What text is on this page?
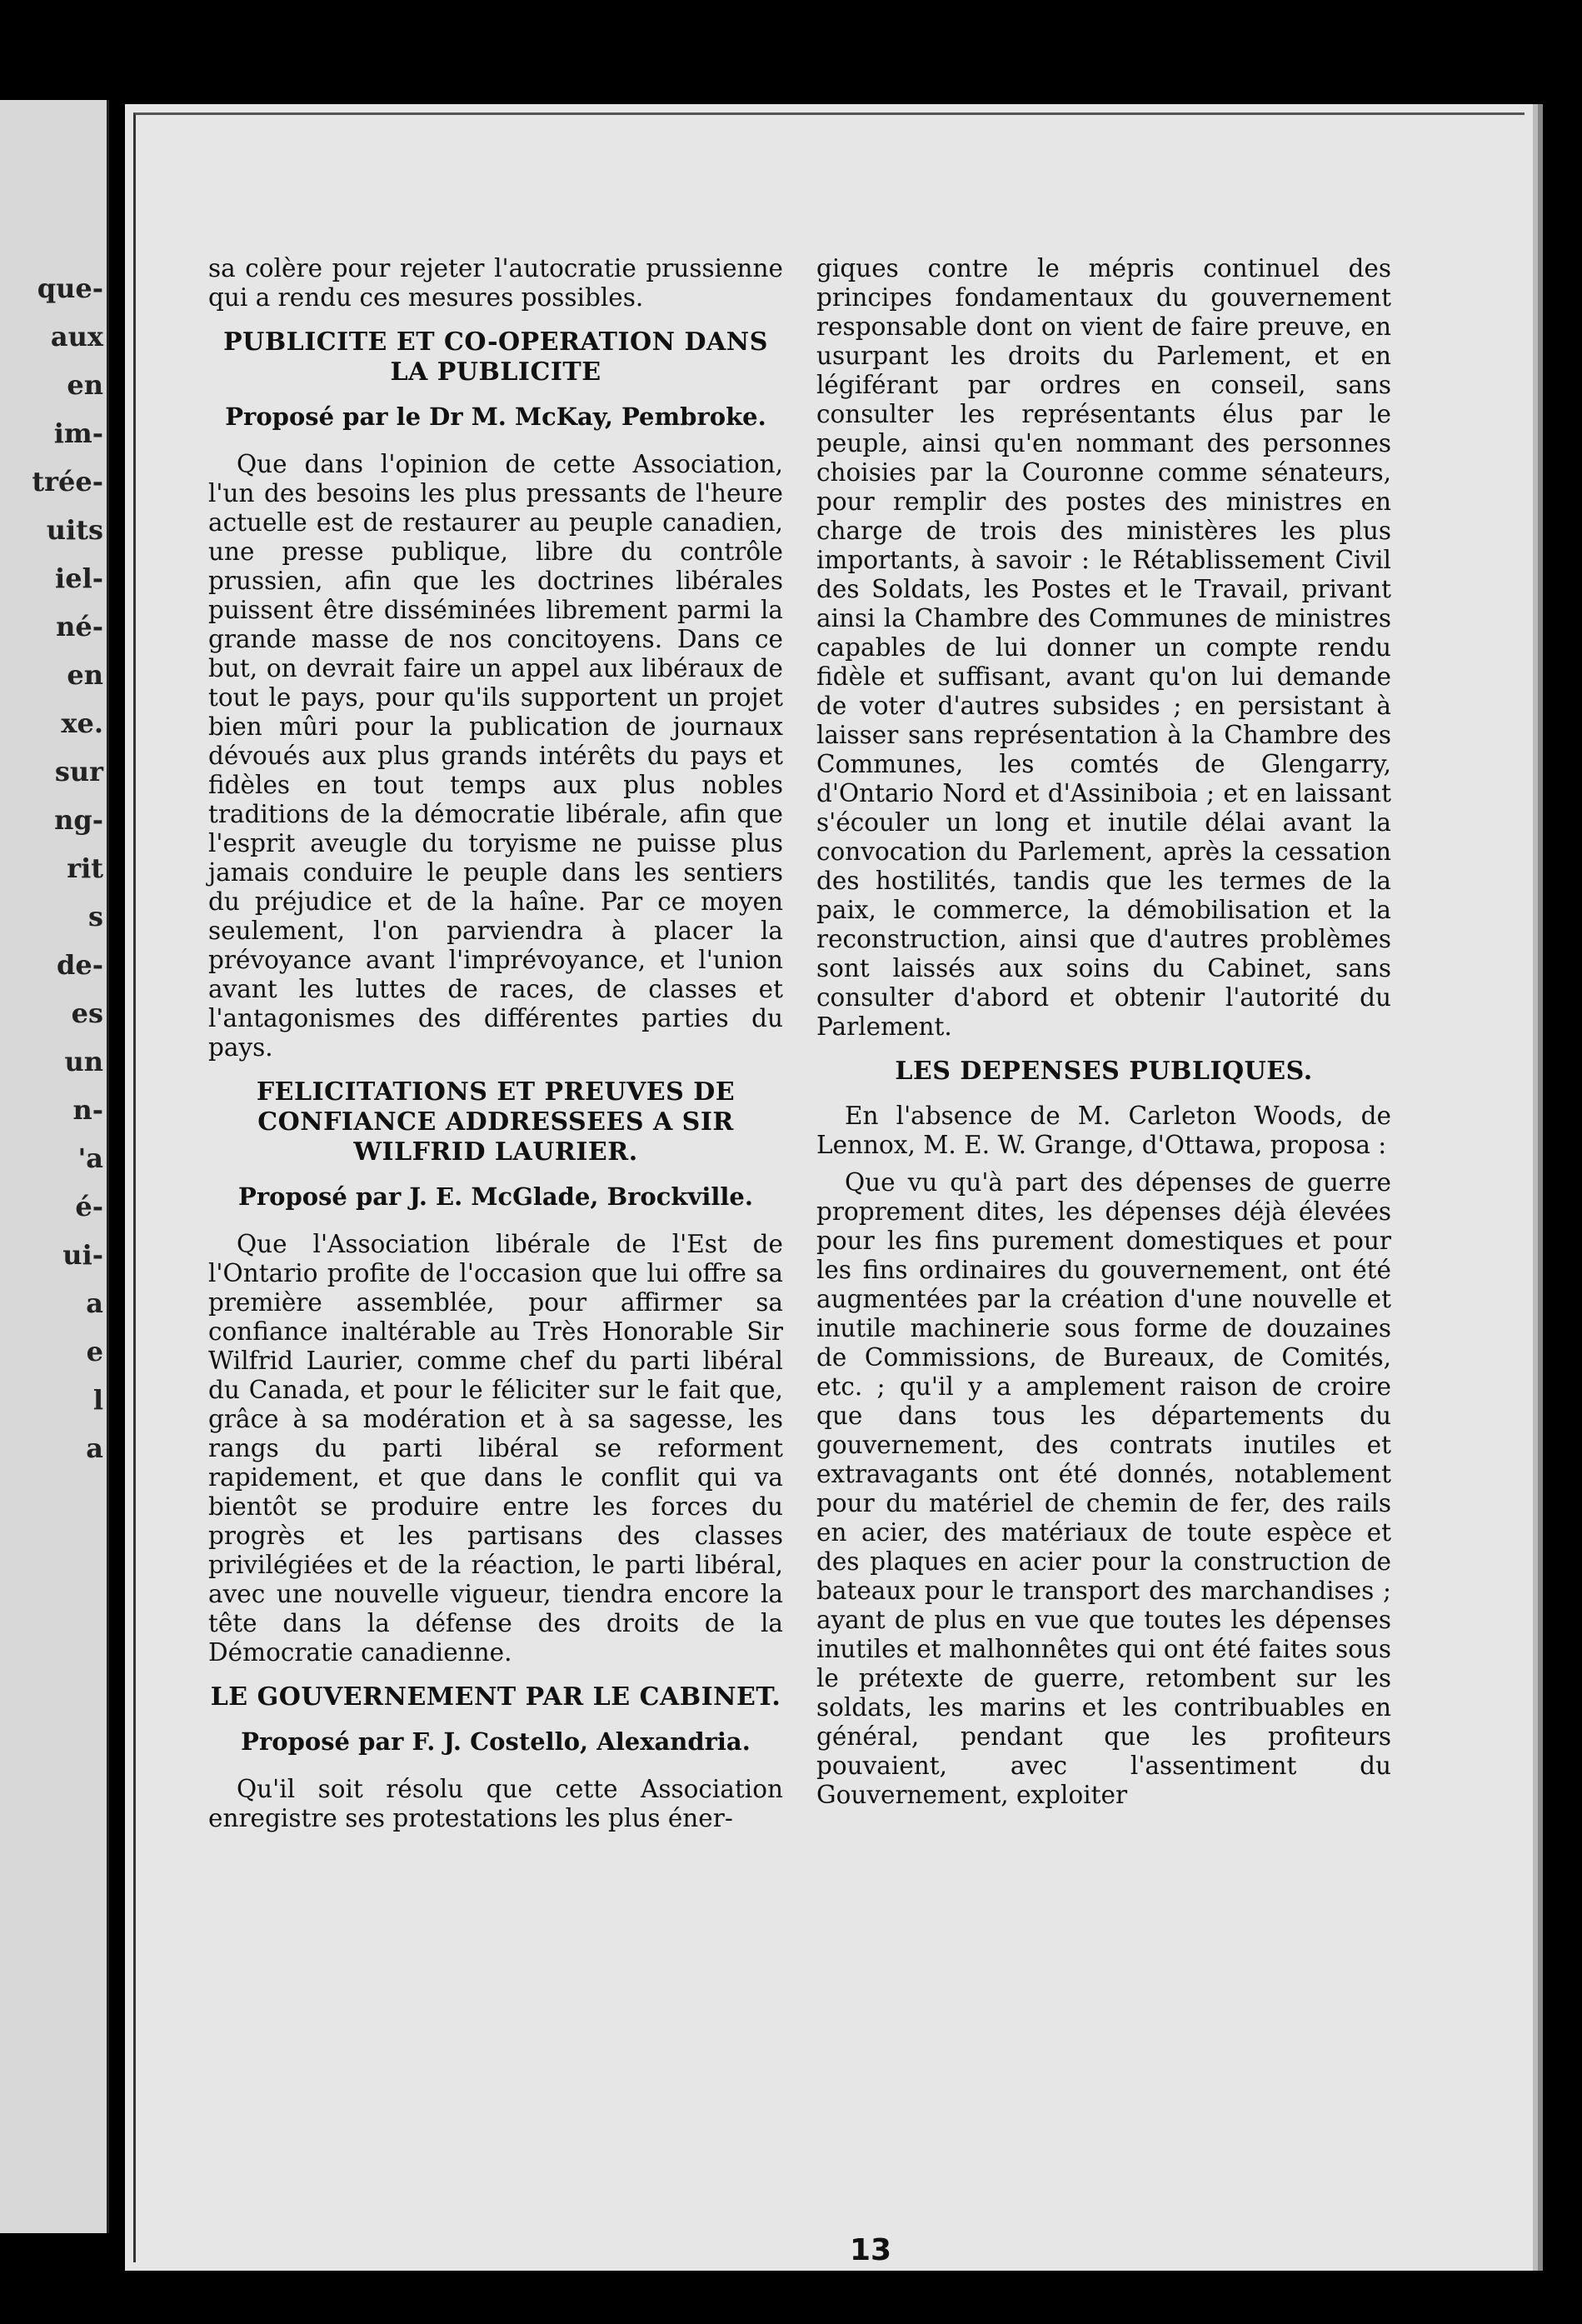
que-
aux
en
im-
trée-
uits
iel-
né-
en
xe.
sur
ng-
rit
s
de-
es
un
n-
'a
é-
ui-
a
e
l
a

sa colère pour rejeter l'autocratie prussienne qui a rendu ces mesures possibles.

PUBLICITE ET CO-OPERATION DANS LA PUBLICITE
Proposé par le Dr M. McKay, Pembroke.

Que dans l'opinion de cette Association, l'un des besoins les plus pressants de l'heure actuelle est de restaurer au peuple canadien, une presse publique, libre du contrôle prussien, afin que les doctrines libérales puissent être disséminées librement parmi la grande masse de nos concitoyens. Dans ce but, on devrait faire un appel aux libéraux de tout le pays, pour qu'ils supportent un projet bien mûri pour la publication de journaux dévoués aux plus grands intérêts du pays et fidèles en tout temps aux plus nobles traditions de la démocratie libérale, afin que l'esprit aveugle du toryisme ne puisse plus jamais conduire le peuple dans les sentiers du préjudice et de la haîne. Par ce moyen seulement, l'on parviendra à placer la prévoyance avant l'imprévoyance, et l'union avant les luttes de races, de classes et l'antagonismes des différentes parties du pays.

FELICITATIONS ET PREUVES DE CONFIANCE ADDRESSEES A SIR WILFRID LAURIER.
Proposé par J. E. McGlade, Brockville.

Que l'Association libérale de l'Est de l'Ontario profite de l'occasion que lui offre sa première assemblée, pour affirmer sa confiance inaltérable au Très Honorable Sir Wilfrid Laurier, comme chef du parti libéral du Canada, et pour le féliciter sur le fait que, grâce à sa modération et à sa sagesse, les rangs du parti libéral se reforment rapidement, et que dans le conflit qui va bientôt se produire entre les forces du progrès et les partisans des classes privilégiées et de la réaction, le parti libéral, avec une nouvelle vigueur, tiendra encore la tête dans la défense des droits de la Démocratie canadienne.

LE GOUVERNEMENT PAR LE CABINET.
Proposé par F. J. Costello, Alexandria.

Qu'il soit résolu que cette Association enregistre ses protestations les plus éner-

giques contre le mépris continuel des principes fondamentaux du gouvernement responsable dont on vient de faire preuve, en usurpant les droits du Parlement, et en légiférant par ordres en conseil, sans consulter les représentants élus par le peuple, ainsi qu'en nommant des personnes choisies par la Couronne comme sénateurs, pour remplir des postes des ministres en charge de trois des ministères les plus importants, à savoir : le Rétablissement Civil des Soldats, les Postes et le Travail, privant ainsi la Chambre des Communes de ministres capables de lui donner un compte rendu fidèle et suffisant, avant qu'on lui demande de voter d'autres subsides ; en persistant à laisser sans représentation à la Chambre des Communes, les comtés de Glengarry, d'Ontario Nord et d'Assiniboia ; et en laissant s'écouler un long et inutile délai avant la convocation du Parlement, après la cessation des hostilités, tandis que les termes de la paix, le commerce, la démobilisation et la reconstruction, ainsi que d'autres problèmes sont laissés aux soins du Cabinet, sans consulter d'abord et obtenir l'autorité du Parlement.

LES DEPENSES PUBLIQUES.

En l'absence de M. Carleton Woods, de Lennox, M. E. W. Grange, d'Ottawa, proposa :

Que vu qu'à part des dépenses de guerre proprement dites, les dépenses déjà élevées pour les fins purement domestiques et pour les fins ordinaires du gouvernement, ont été augmentées par la création d'une nouvelle et inutile machinerie sous forme de douzaines de Commissions, de Bureaux, de Comités, etc. ; qu'il y a amplement raison de croire que dans tous les départements du gouvernement, des contrats inutiles et extravagants ont été donnés, notablement pour du matériel de chemin de fer, des rails en acier, des matériaux de toute espèce et des plaques en acier pour la construction de bateaux pour le transport des marchandises ; ayant de plus en vue que toutes les dépenses inutiles et malhonnêtes qui ont été faites sous le prétexte de guerre, retombent sur les soldats, les marins et les contribuables en général, pendant que les profiteurs pouvaient, avec l'assentiment du Gouvernement, exploiter

13
